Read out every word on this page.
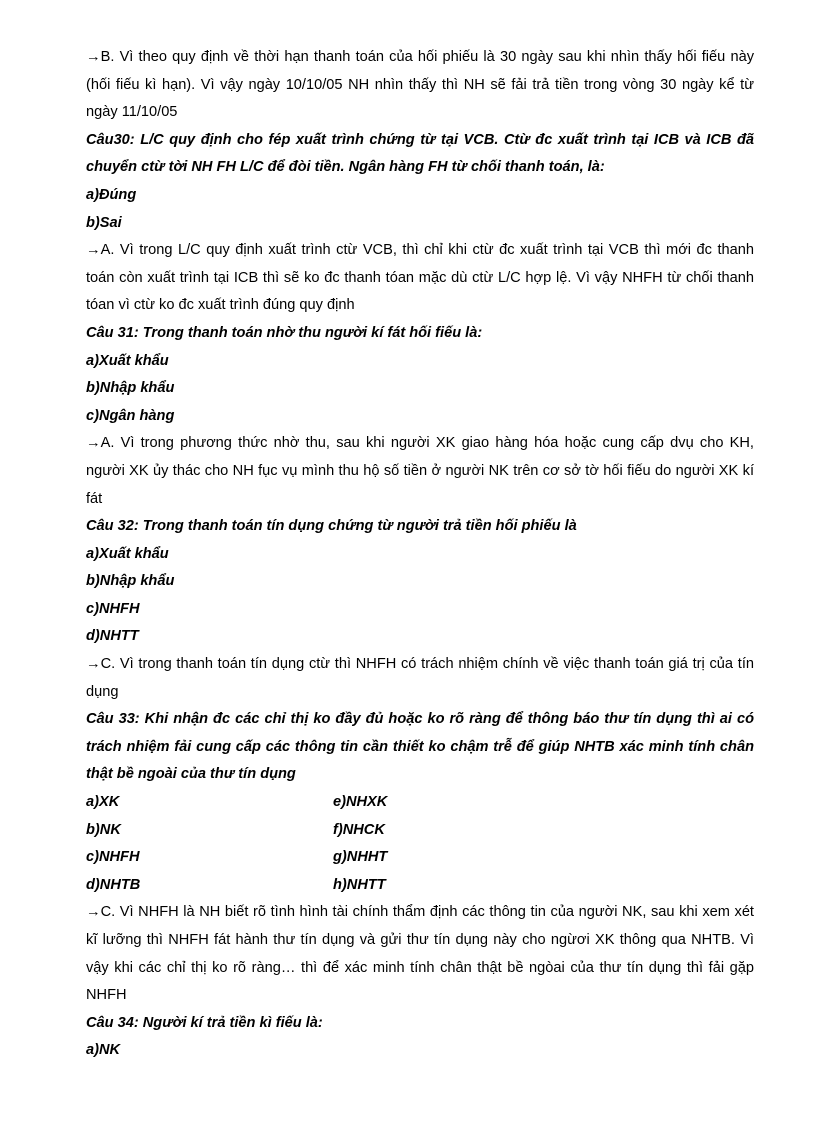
→B. Vì theo quy định về thời hạn thanh toán của hối phiếu là 30 ngày sau khi nhìn thấy hối fiếu này (hối fiếu kì hạn). Vì vậy ngày 10/10/05 NH nhìn thấy thì NH sẽ fải trả tiền trong vòng 30 ngày kể từ ngày 11/10/05

Câu30: L/C quy định cho fép xuất trình chứng từ tại VCB. Ctừ đc xuất trình tại ICB và ICB đã chuyển ctừ tời NH FH L/C để đòi tiền. Ngân hàng FH từ chối thanh toán, là:

a)Đúng

b)Sai

→A. Vì trong L/C quy định xuất trình ctừ VCB, thì chỉ khi ctừ đc xuất trình tại VCB thì mới đc thanh toán còn xuất trình tại ICB thì sẽ ko đc thanh tóan mặc dù ctừ L/C hợp lệ. Vì vậy NHFH từ chối thanh tóan vì ctừ ko đc xuất trình đúng quy định

Câu 31: Trong thanh toán nhờ thu người kí fát hối fiếu là:

a)Xuất khẩu

b)Nhập khẩu

c)Ngân hàng

→A. Vì trong phương thức nhờ thu, sau khi người XK giao hàng hóa hoặc cung cấp dvụ cho KH, người XK ủy thác cho NH fục vụ mình thu hộ số tiền ở người NK trên cơ sở tờ hối fiếu do người XK kí fát

Câu 32: Trong thanh toán tín dụng chứng từ người trả tiền hối phiếu là

a)Xuất khẩu

b)Nhập khẩu

c)NHFH

d)NHTT

→C. Vì trong thanh toán tín dụng ctừ thì NHFH có trách nhiệm chính về việc thanh toán giá trị của tín dụng

Câu 33: Khi nhận đc các chỉ thị ko đầy đủ hoặc ko rõ ràng để thông báo thư tín dụng thì ai có trách nhiệm fải cung cấp các thông tin cần thiết ko chậm trễ để giúp NHTB xác minh tính chân thật bề ngoài của thư tín dụng

a)XK	e)NHXK

b)NK	f)NHCK

c)NHFH	g)NHHT

d)NHTB	h)NHTT

→C. Vì NHFH là NH biết rõ tình hình tài chính thẩm định các thông tin của người NK, sau khi xem xét kĩ lưỡng thì NHFH fát hành thư tín dụng và gửi thư tín dụng này cho ngừơi XK thông qua NHTB. Vì vậy khi các chỉ thị ko rõ ràng… thì để xác minh tính chân thật bề ngòai của thư tín dụng thì fải gặp NHFH

Câu 34: Người kí trả tiền kì fiếu là:

a)NK
